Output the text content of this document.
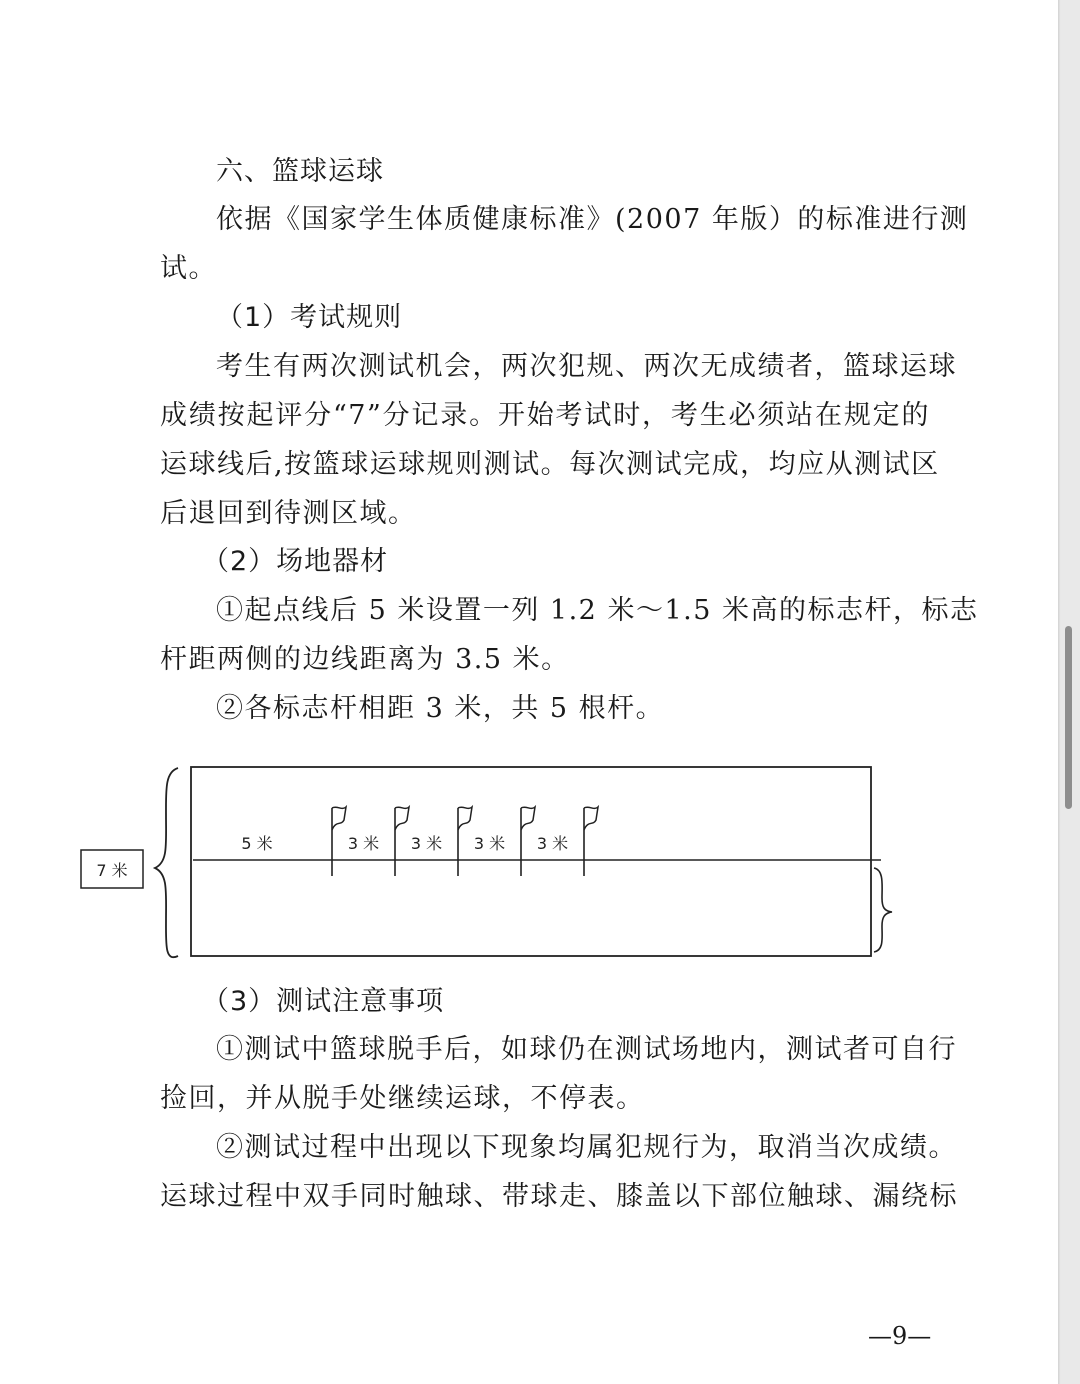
六、篮球运球
依据《国家学生体质健康标准》(2007 年版）的标准进行测
试。
（1）考试规则
考生有两次测试机会，两次犯规、两次无成绩者，篮球运球
成绩按起评分“7”分记录。开始考试时，考生必须站在规定的
运球线后,按篮球运球规则测试。每次测试完成，均应从测试区
后退回到待测区域。
（2）场地器材
①起点线后 5 米设置一列 1.2 米～1.5 米高的标志杆，标志
杆距两侧的边线距离为 3.5 米。
②各标志杆相距 3 米，共 5 根杆。
7 米
5 米	3 米 3 米 3 米 3 米
（3）测试注意事项
①测试中篮球脱手后，如球仍在测试场地内，测试者可自行
捡回，并从脱手处继续运球，不停表。
②测试过程中出现以下现象均属犯规行为，取消当次成绩。
运球过程中双手同时触球、带球走、膝盖以下部位触球、漏绕标
—9—
